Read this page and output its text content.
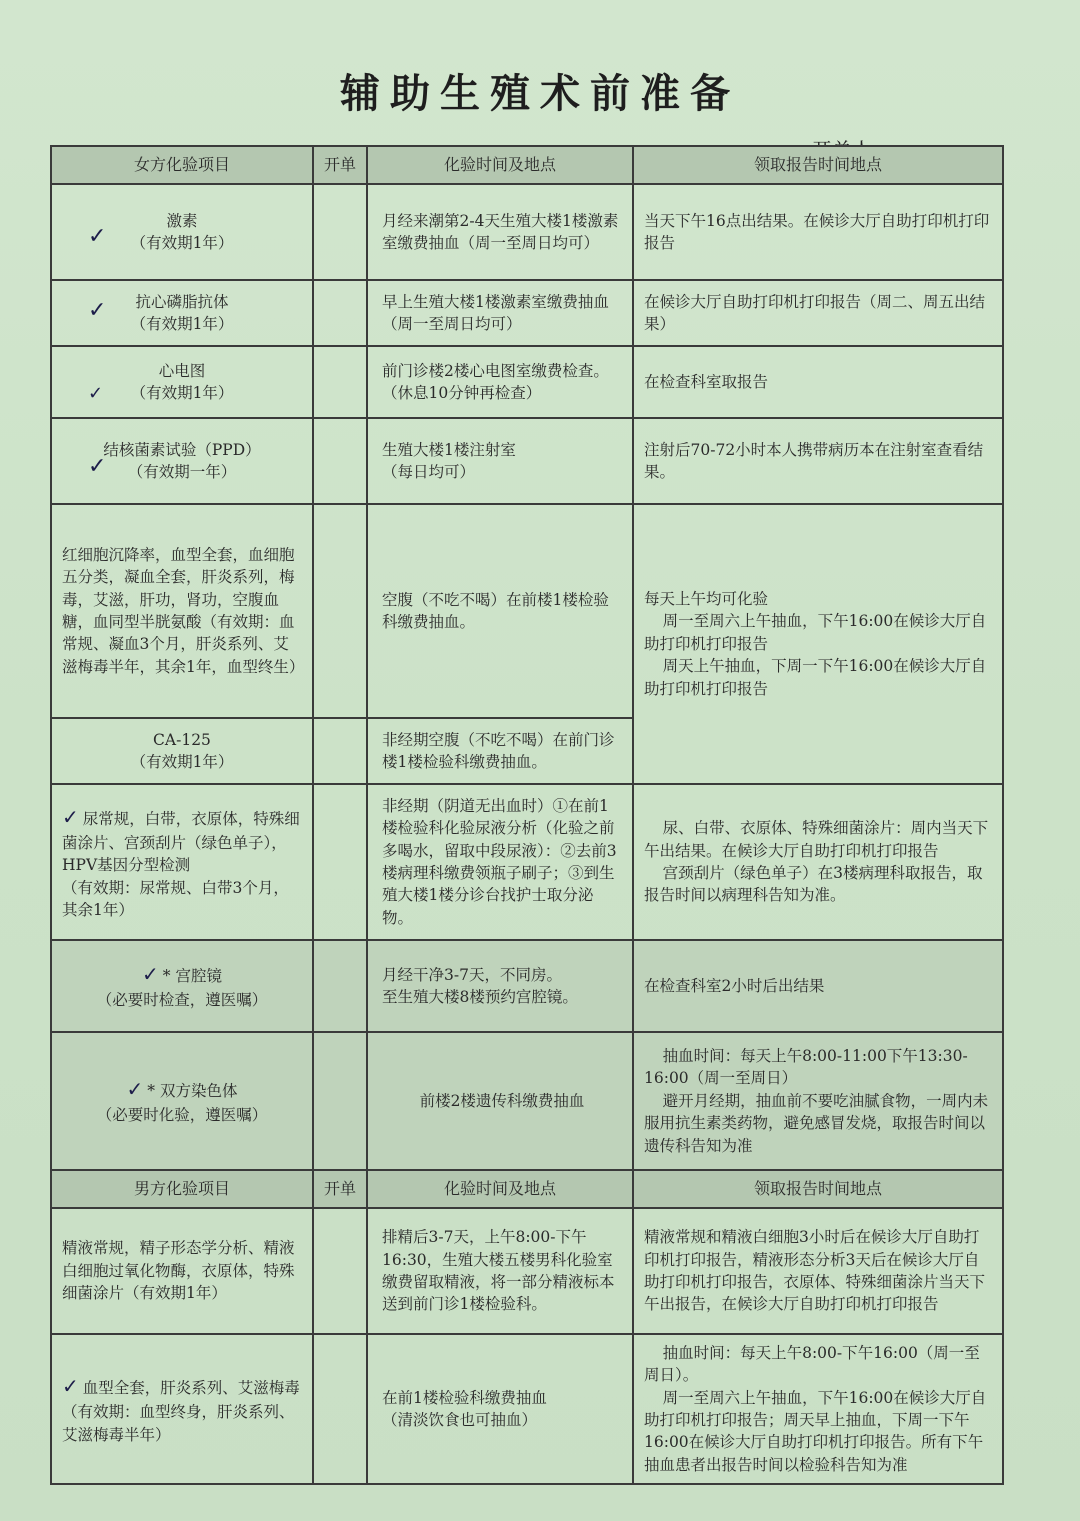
辅助生殖术前准备
女方化验项目	开单	化验时间及地点	领取报告时间地点

✓
激素
（有效期1年）		月经来潮第2-4天生殖大楼1楼激素室缴费抽血（周一至周日均可）	当天下午16点出结果。在候诊大厅自助打印机打印报告

✓ 抗心磷脂抗体
（有效期1年）		早上生殖大楼1楼激素室缴费抽血（周一至周日均可）	在候诊大厅自助打印机打印报告（周二、周五出结果）

✓
心电图
（有效期1年）		前门诊楼2楼心电图室缴费检查。（休息10分钟再检查）	在检查科室取报告

✓
结核菌素试验（PPD）
（有效期一年）		生殖大楼1楼注射室
（每日均可）	注射后70-72小时本人携带病历本在注射室查看结果。
红细胞沉降率，血型全套，血细胞五分类，凝血全套，肝炎系列，梅毒，艾滋，肝功，肾功，空腹血糖，血同型半胱氨酸（有效期：血常规、凝血3个月，肝炎系列、艾滋梅毒半年，其余1年，血型终生）		空腹（不吃不喝）在前楼1楼检验科缴费抽血。	每天上午均可化验
周一至周六上午抽血，下午16:00在候诊大厅自助打印机打印报告
周天上午抽血，下周一下午16:00在候诊大厅自助打印机打印报告

CA-125
（有效期1年）		非经期空腹（不吃不喝）在前门诊楼1楼检验科缴费抽血。	
✓ 尿常规，白带，衣原体，特殊细菌涂片、宫颈刮片（绿色单子），HPV基因分型检测
（有效期：尿常规、白带3个月，其余1年）		非经期（阴道无出血时）①在前1楼检验科化验尿液分析（化验之前多喝水，留取中段尿液）：②去前3楼病理科缴费领瓶子刷子；③到生殖大楼1楼分诊台找护士取分泌物。	尿、白带、衣原体、特殊细菌涂片：周内当天下午出结果。在候诊大厅自助打印机打印报告
宫颈刮片（绿色单子）在3楼病理科取报告，取报告时间以病理科告知为准。

✓ * 宫腔镜
（必要时检查，遵医嘱）		月经干净3-7天，不同房。
至生殖大楼8楼预约宫腔镜。	在检查科室2小时后出结果

✓ * 双方染色体
（必要时化验，遵医嘱）		前楼2楼遗传科缴费抽血	抽血时间：每天上午8:00-11:00下午13:30-16:00（周一至周日）
避开月经期，抽血前不要吃油腻食物，一周内未服用抗生素类药物，避免感冒发烧，取报告时间以遗传科告知为准

男方化验项目	开单	化验时间及地点	领取报告时间地点
精液常规，精子形态学分析、精液白细胞过氧化物酶，衣原体，特殊细菌涂片（有效期1年）		排精后3-7天，上午8:00-下午16:30，生殖大楼五楼男科化验室缴费留取精液，将一部分精液标本送到前门诊1楼检验科。	精液常规和精液白细胞3小时后在候诊大厅自助打印机打印报告，精液形态分析3天后在候诊大厅自助打印机打印报告，衣原体、特殊细菌涂片当天下午出报告，在候诊大厅自助打印机打印报告
✓ 血型全套，肝炎系列、艾滋梅毒（有效期：血型终身，肝炎系列、艾滋梅毒半年）		在前1楼检验科缴费抽血
（清淡饮食也可抽血）	抽血时间：每天上午8:00-下午16:00（周一至周日）。
周一至周六上午抽血，下午16:00在候诊大厅自助打印机打印报告；周天早上抽血，下周一下午16:00在候诊大厅自助打印机打印报告。所有下午抽血患者出报告时间以检验科告知为准
